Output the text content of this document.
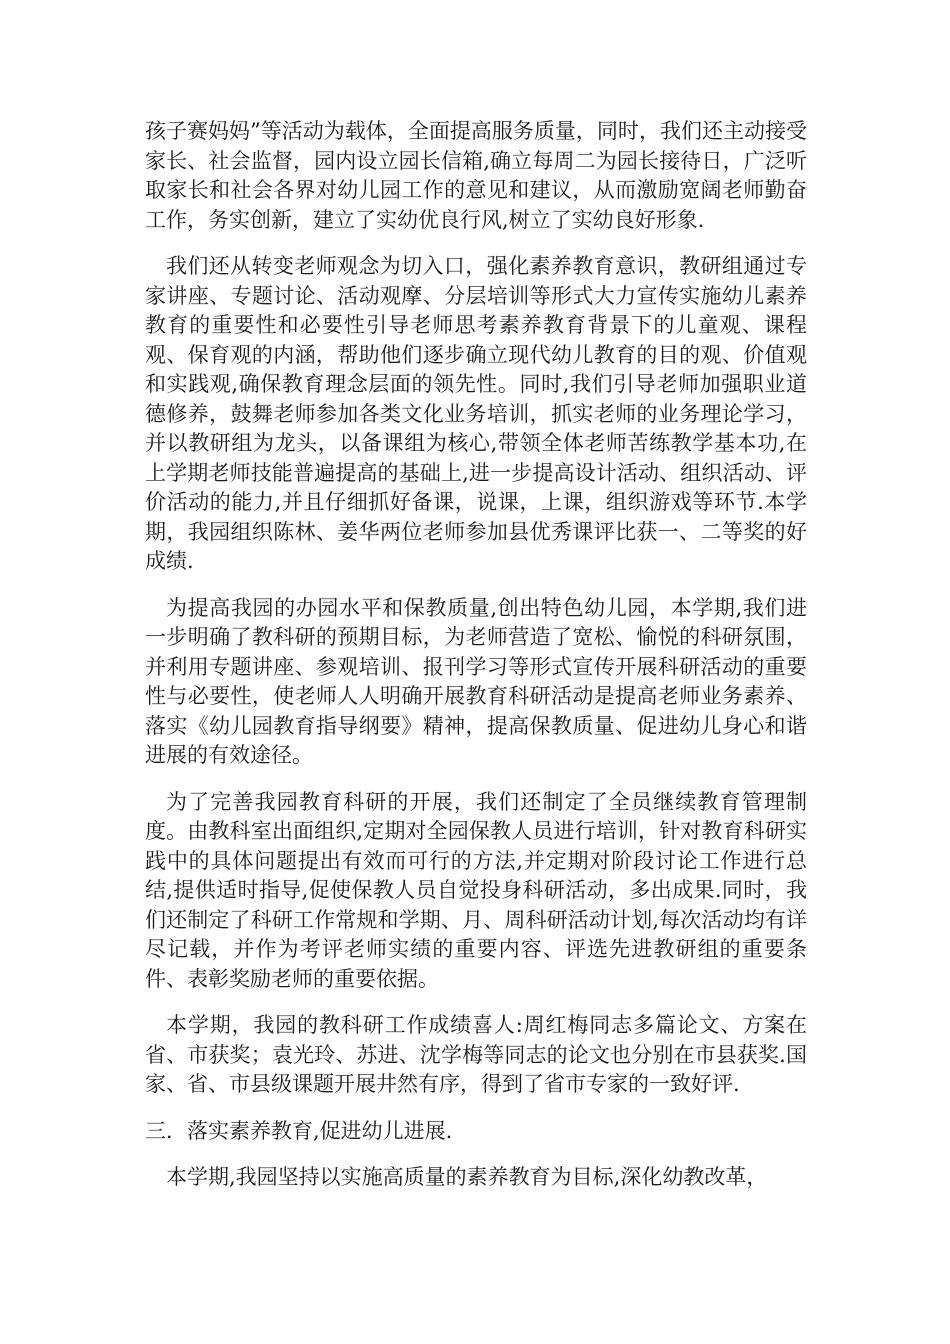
孩子赛妈妈”等活动为载体，全面提高服务质量，同时，我们还主动接受家长、社会监督，园内设立园长信箱,确立每周二为园长接待日，广泛听取家长和社会各界对幼儿园工作的意见和建议，从而激励宽阔老师勤奋工作，务实创新，建立了实幼优良行风,树立了实幼良好形象.

我们还从转变老师观念为切入口，强化素养教育意识，教研组通过专家讲座、专题讨论、活动观摩、分层培训等形式大力宣传实施幼儿素养教育的重要性和必要性引导老师思考素养教育背景下的儿童观、课程观、保育观的内涵，帮助他们逐步确立现代幼儿教育的目的观、价值观和实践观,确保教育理念层面的领先性。同时,我们引导老师加强职业道德修养，鼓舞老师参加各类文化业务培训，抓实老师的业务理论学习，并以教研组为龙头，以备课组为核心,带领全体老师苦练教学基本功,在上学期老师技能普遍提高的基础上,进一步提高设计活动、组织活动、评价活动的能力,并且仔细抓好备课，说课，上课，组织游戏等环节.本学期，我园组织陈林、姜华两位老师参加县优秀课评比获一、二等奖的好成绩.

为提高我园的办园水平和保教质量,创出特色幼儿园，本学期,我们进一步明确了教科研的预期目标，为老师营造了宽松、愉悦的科研氛围，并利用专题讲座、参观培训、报刊学习等形式宣传开展科研活动的重要性与必要性，使老师人人明确开展教育科研活动是提高老师业务素养、落实《幼儿园教育指导纲要》精神，提高保教质量、促进幼儿身心和谐进展的有效途径。

为了完善我园教育科研的开展，我们还制定了全员继续教育管理制度。由教科室出面组织,定期对全园保教人员进行培训，针对教育科研实践中的具体问题提出有效而可行的方法,并定期对阶段讨论工作进行总结,提供适时指导,促使保教人员自觉投身科研活动，多出成果.同时，我们还制定了科研工作常规和学期、月、周科研活动计划,每次活动均有详尽记载，并作为考评老师实绩的重要内容、评选先进教研组的重要条件、表彰奖励老师的重要依据。

本学期，我园的教科研工作成绩喜人:周红梅同志多篇论文、方案在省、市获奖；袁光玲、苏进、沈学梅等同志的论文也分别在市县获奖.国家、省、市县级课题开展井然有序，得到了省市专家的一致好评.

三．落实素养教育,促进幼儿进展.

本学期,我园坚持以实施高质量的素养教育为目标,深化幼教改革，
